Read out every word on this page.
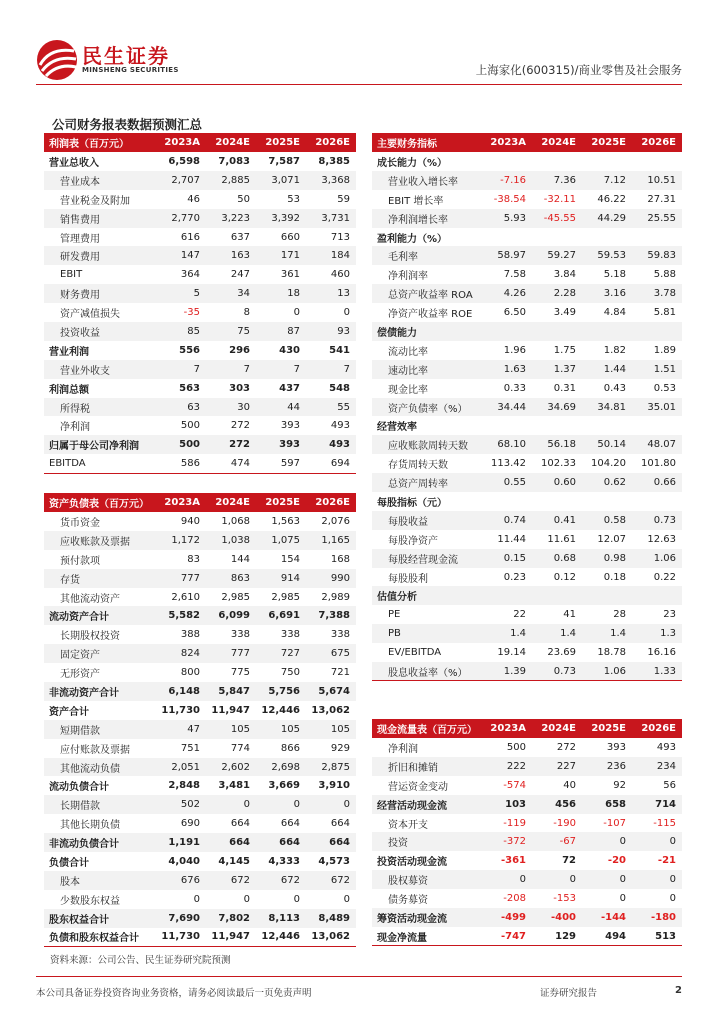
民生证券
MINSHENG SECURITIES	上海家化(600315)/商业零售及社会服务
公司财务报表数据预测汇总
利润表（百万元）	2023A	2024E	2025E	2026E
营业总收入	6,598	7,083	7,587	8,385
营业成本	2,707	2,885	3,071	3,368
营业税金及附加	46	50	53	59
销售费用	2,770	3,223	3,392	3,731
管理费用	616	637	660	713
研发费用	147	163	171	184
EBIT	364	247	361	460
财务费用	5	34	18	13
资产减值损失	-35	8	0	0
投资收益	85	75	87	93
营业利润	556	296	430	541
营业外收支	7	7	7	7
利润总额	563	303	437	548
所得税	63	30	44	55
净利润	500	272	393	493
归属于母公司净利润	500	272	393	493
EBITDA	586	474	597	694
资产负债表（百万元）	2023A	2024E	2025E	2026E
货币资金	940	1,068	1,563	2,076
应收账款及票据	1,172	1,038	1,075	1,165
预付款项	83	144	154	168
存货	777	863	914	990
其他流动资产	2,610	2,985	2,985	2,989
流动资产合计	5,582	6,099	6,691	7,388
长期股权投资	388	338	338	338
固定资产	824	777	727	675
无形资产	800	775	750	721
非流动资产合计	6,148	5,847	5,756	5,674
资产合计	11,730	11,947	12,446	13,062
短期借款	47	105	105	105
应付账款及票据	751	774	866	929
其他流动负债	2,051	2,602	2,698	2,875
流动负债合计	2,848	3,481	3,669	3,910
长期借款	502	0	0	0
其他长期负债	690	664	664	664
非流动负债合计	1,191	664	664	664
负债合计	4,040	4,145	4,333	4,573
股本	676	672	672	672
少数股东权益	0	0	0	0
股东权益合计	7,690	7,802	8,113	8,489
负债和股东权益合计	11,730	11,947	12,446	13,062
主要财务指标	2023A	2024E	2025E	2026E
成长能力（%）				
营业收入增长率	-7.16	7.36	7.12	10.51
EBIT 增长率	-38.54	-32.11	46.22	27.31
净利润增长率	5.93	-45.55	44.29	25.55
盈利能力（%）				
毛利率	58.97	59.27	59.53	59.83
净利润率	7.58	3.84	5.18	5.88
总资产收益率 ROA	4.26	2.28	3.16	3.78
净资产收益率 ROE	6.50	3.49	4.84	5.81
偿债能力				
流动比率	1.96	1.75	1.82	1.89
速动比率	1.63	1.37	1.44	1.51
现金比率	0.33	0.31	0.43	0.53
资产负债率（%）	34.44	34.69	34.81	35.01
经营效率				
应收账款周转天数	68.10	56.18	50.14	48.07
存货周转天数	113.42	102.33	104.20	101.80
总资产周转率	0.55	0.60	0.62	0.66
每股指标（元）				
每股收益	0.74	0.41	0.58	0.73
每股净资产	11.44	11.61	12.07	12.63
每股经营现金流	0.15	0.68	0.98	1.06
每股股利	0.23	0.12	0.18	0.22
估值分析				
PE	22	41	28	23
PB	1.4	1.4	1.4	1.3
EV/EBITDA	19.14	23.69	18.78	16.16
股息收益率（%）	1.39	0.73	1.06	1.33
现金流量表（百万元）	2023A	2024E	2025E	2026E
净利润	500	272	393	493
折旧和摊销	222	227	236	234
营运资金变动	-574	40	92	56
经营活动现金流	103	456	658	714
资本开支	-119	-190	-107	-115
投资	-372	-67	0	0
投资活动现金流	-361	72	-20	-21
股权募资	0	0	0	0
债务募资	-208	-153	0	0
筹资活动现金流	-499	-400	-144	-180
现金净流量	-747	129	494	513
资料来源：公司公告、民生证券研究院预测
本公司具备证券投资咨询业务资格，请务必阅读最后一页免责声明	证券研究报告	2
